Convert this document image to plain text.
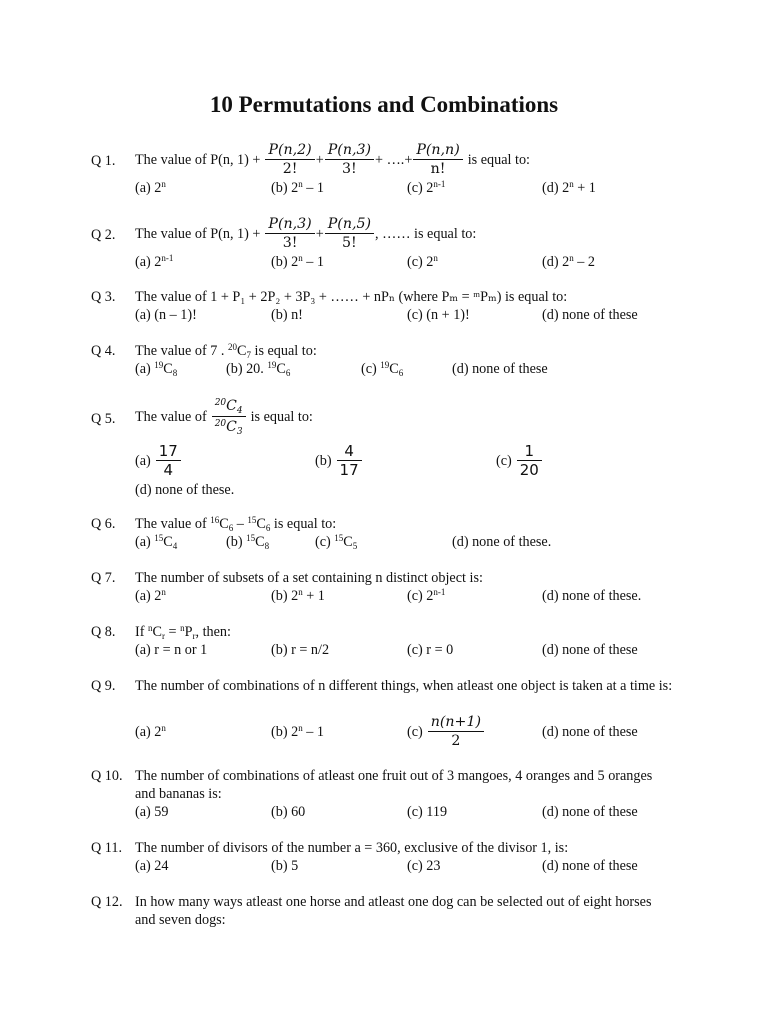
10 Permutations and Combinations
Q 1.	The value of P(n, $1) + \frac{P(n,2)}{2!} + \frac{P(n,3)}{3!}$ + ….+ $\frac{P(n,n)}{n!}$ is equal to:
(a) 2$^n$	(b) 2$^n$ – 1	(c) 2$^{n-1}$	(d) $2^n + 1$
Q 2.	The value of P(n, $1) + \frac{P(n,3)}{3!} + \frac{P(n,5)}{5!}$ , …… is equal to:
(a) 2$^{n-1}$	(b) 2$^n$ – 1	(c) 2$^n$	(d) 2$^n$ – 2
Q 3.	The value of 1 + P₁ + 2P₂ + 3P₃ + …… + nPₙ (where Pₘ = ᵐPₘ) is equal to:
(a) (n – 1)!	(b) n!	(c) (n + 1)!	(d) none of these
Q 4.	The value of 7 . $^{20}C_7$ is equal to:
(a) $^{19}C_8$	(b) 20. $^{19}C_6$	(c) $^{19}C_6$	(d) none of these
Q 5.	The value of $\frac{^{20}C_4}{^{20}C_3}$ is equal to:
$(a) \frac{17}{4}$	$(b) \frac{4}{17}$	$(c) \frac{1}{20}$
(d) none of these.
Q 6.	The value of $^{16}C_6 - ^{15}C_6$ is equal to:
(a) $^{15}C_4$	(b) $^{15}C_8$	(c) $^{15}C_5$	(d) none of these.
Q 7.	The number of subsets of a set containing n distinct object is:
(a) 2$^n$	(b) $2^n + 1$	(c) 2$^{n-1}$	(d) none of these.
Q 8.	If $^nC_r = ^nP_r$, then:
(a) r = n or 1	(b) r = n/2	(c) r = 0	(d) none of these
Q 9.	The number of combinations of n different things, when atleast one object is taken at a time is:
(a) 2$^n$	(b) 2$^n$ – 1	$(c) \frac{n(n+1)}{2}$	(d) none of these
Q 10. The number of combinations of atleast one fruit out of 3 mangoes, 4 oranges and 5 oranges and bananas is:
(a) 59	(b) 60	(c) 119	(d) none of these
Q 11. The number of divisors of the number a = 360, exclusive of the divisor 1, is:
(a) 24	(b) 5	(c) 23	(d) none of these
Q 12. In how many ways atleast one horse and atleast one dog can be selected out of eight horses and seven dogs:
